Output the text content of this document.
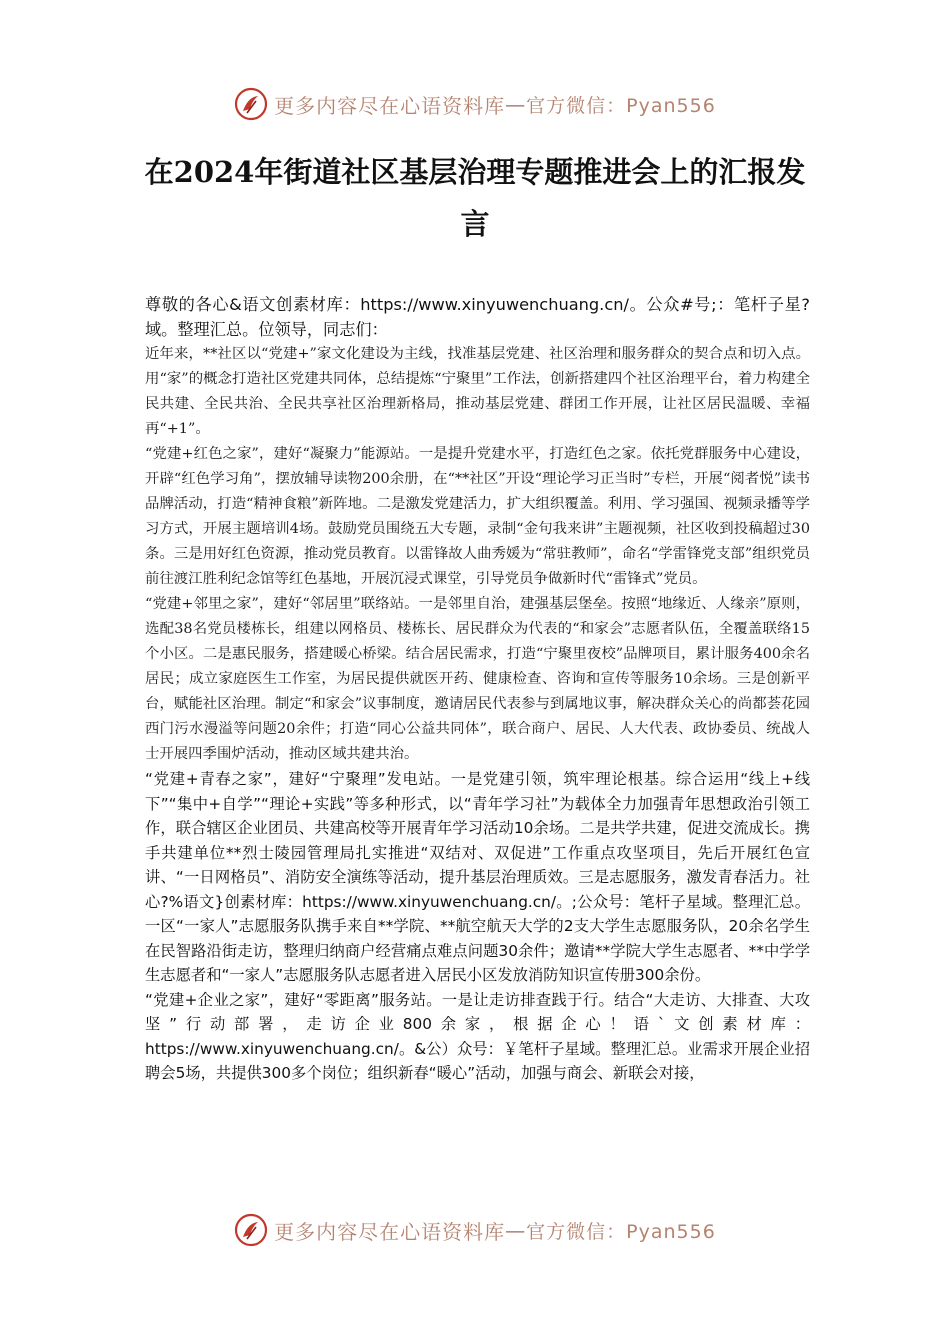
更多内容尽在心语资料库 — 官方微信：Pyan556
在2024年街道社区基层治理专题推进会上的汇报发言

尊敬的各心&语文创素材库：https://www.xinyuwenchuang.cn/。公众#号;：笔杆子星?域。整理汇总。位领导，同志们：

近年来，**社区以“党建+”家文化建设为主线，找准基层党建、社区治理和服务群众的契合点和切入点。用“家”的概念打造社区党建共同体，总结提炼“宁聚里”工作法，创新搭建四个社区治理平台，着力构建全民共建、全民共治、全民共享社区治理新格局，推动基层党建、群团工作开展，让社区居民温暖、幸福再“+1”。

“党建+红色之家”，建好“凝聚力”能源站。一是提升党建水平，打造红色之家。依托党群服务中心建设，开辟“红色学习角”，摆放辅导读物200余册，在“**社区”开设“理论学习正当时”专栏，开展“阅者悦”读书品牌活动，打造“精神食粮”新阵地。二是激发党建活力，扩大组织覆盖。利用、学习强国、视频录播等学习方式，开展主题培训4场。鼓励党员围绕五大专题，录制“金句我来讲”主题视频，社区收到投稿超过30条。三是用好红色资源，推动党员教育。以雷锋故人曲秀媛为“常驻教师”，命名“学雷锋党支部”组织党员前往渡江胜利纪念馆等红色基地，开展沉浸式课堂，引导党员争做新时代“雷锋式”党员。

“党建+邻里之家”，建好“邻居里”联络站。一是邻里自治，建强基层堡垒。按照“地缘近、人缘亲”原则，选配38名党员楼栋长，组建以网格员、楼栋长、居民群众为代表的“和家会”志愿者队伍，全覆盖联络15个小区。二是惠民服务，搭建暖心桥梁。结合居民需求，打造“宁聚里夜校”品牌项目，累计服务400余名居民；成立家庭医生工作室，为居民提供就医开药、健康检查、咨询和宣传等服务10余场。三是创新平台，赋能社区治理。制定“和家会”议事制度，邀请居民代表参与到属地议事，解决群众关心的尚都荟花园西门污水漫溢等问题20余件；打造“同心公益共同体”，联合商户、居民、人大代表、政协委员、统战人士开展四季围炉活动，推动区域共建共治。

“党建+青春之家”，建好“宁聚理”发电站。一是党建引领，筑牢理论根基。综合运用“线上+线下”“集中+自学”“理论+实践”等多种形式，以“青年学习社”为载体全力加强青年思想政治引领工作，联合辖区企业团员、共建高校等开展青年学习活动10余场。二是共学共建，促进交流成长。携手共建单位**烈士陵园管理局扎实推进“双结对、双促进”工作重点攻坚项目，先后开展红色宣讲、“一日网格员”、消防安全演练等活动，提升基层治理质效。三是志愿服务，激发青春活力。社心?%语文}创素材库：https://www.xinyuwenchuang.cn/。;公众号：笔杆子星域。整理汇总。一区“一家人”志愿服务队携手来自**学院、**航空航天大学的2支大学生志愿服务队，20余名学生在民智路沿街走访，整理归纳商户经营痛点难点问题30余件；邀请**学院大学生志愿者、**中学学生志愿者和“一家人”志愿服务队志愿者进入居民小区发放消防知识宣传册300余份。

“党建+企业之家”，建好“零距离”服务站。一是让走访排查践于行。结合“大走访、大排查、大攻坚”行动部署，走访企业800余家，根据企心！语`文创素材库：https://www.xinyuwenchuang.cn/。&公）众号：￥笔杆子星域。整理汇总。业需求开展企业招聘会5场，共提供300多个岗位；组织新春“暖心”活动，加强与商会、新联会对接，

更多内容尽在心语资料库 — 官方微信：Pyan556
